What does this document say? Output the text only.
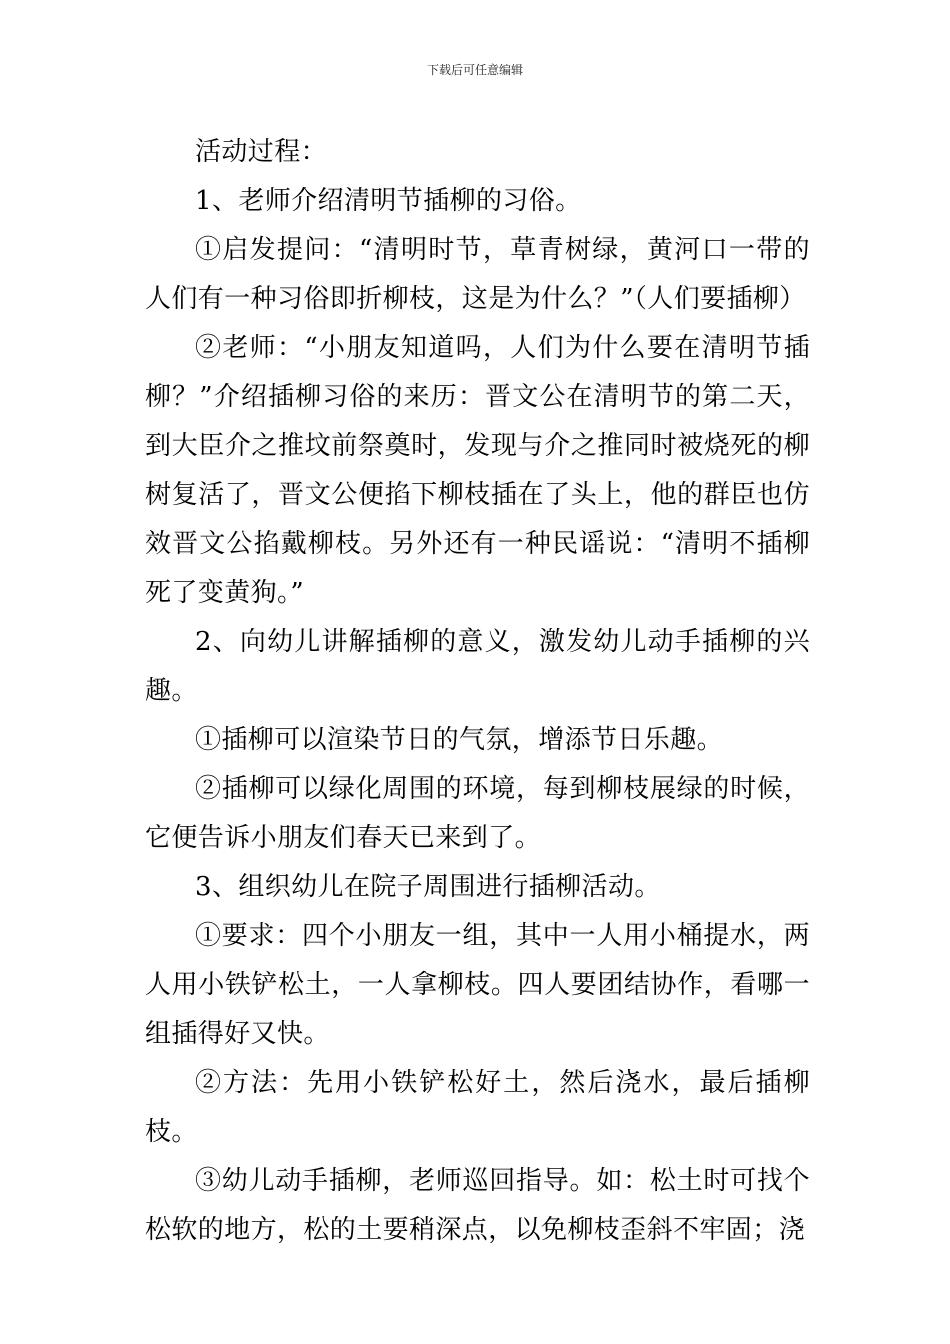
下载后可任意编辑

活动过程：

1、老师介绍清明节插柳的习俗。

①启发提问：“清明时节，草青树绿，黄河口一带的人们有一种习俗即折柳枝，这是为什么？”（人们要插柳）

②老师：“小朋友知道吗，人们为什么要在清明节插柳？”介绍插柳习俗的来历：晋文公在清明节的第二天，到大臣介之推坟前祭奠时，发现与介之推同时被烧死的柳树复活了，晋文公便掐下柳枝插在了头上，他的群臣也仿效晋文公掐戴柳枝。另外还有一种民谣说：“清明不插柳死了变黄狗。”

2、向幼儿讲解插柳的意义，激发幼儿动手插柳的兴趣。

①插柳可以渲染节日的气氛，增添节日乐趣。

②插柳可以绿化周围的环境，每到柳枝展绿的时候，它便告诉小朋友们春天已来到了。

3、组织幼儿在院子周围进行插柳活动。

①要求：四个小朋友一组，其中一人用小桶提水，两人用小铁铲松土，一人拿柳枝。四人要团结协作，看哪一组插得好又快。

②方法：先用小铁铲松好土，然后浇水，最后插柳枝。

③幼儿动手插柳，老师巡回指导。如：松土时可找个松软的地方，松的土要稍深点，以免柳枝歪斜不牢固；浇
